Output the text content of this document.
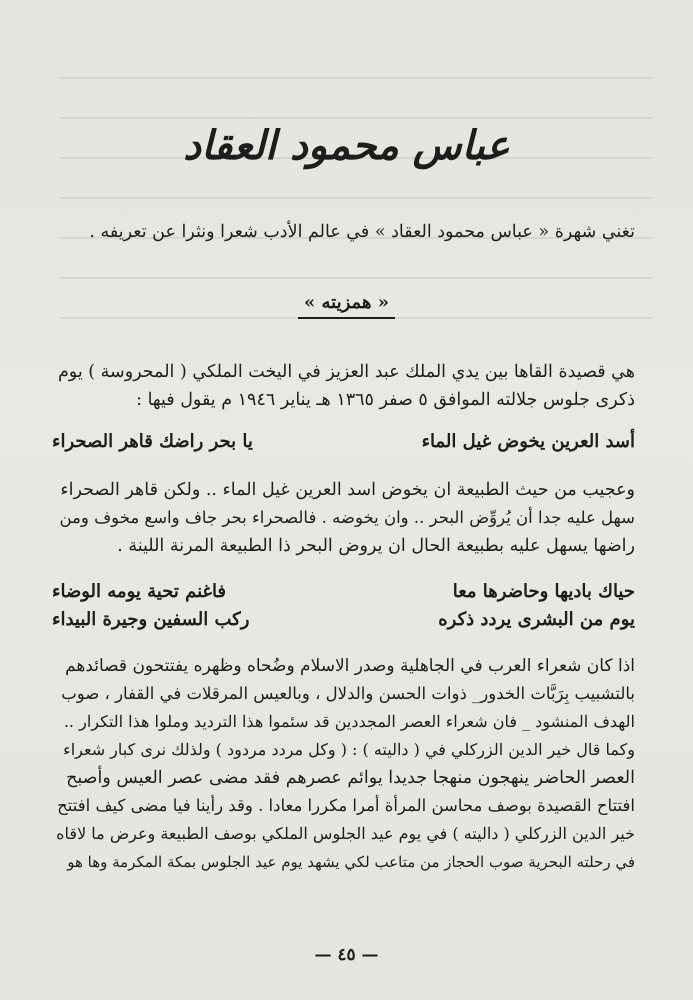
عباس محمود العقاد
تغني شهرة « عباس محمود العقاد » في عالم الأدب شعرا ونثرا عن تعريفه .
« همزيته »
هي قصيدة القاها بين يدي الملك عبد العزيز في اليخت الملكي ( المحروسة ) يوم
ذكرى جلوس جلالته الموافق ٥ صفر ١٣٦٥ هـ يناير ١٩٤٦ م يقول فيها :
أسد العرين يخوض غيل الماء
يا بحر راضك قاهر الصحراء
وعجيب من حيث الطبيعة ان يخوض اسد العرين غيل الماء .. ولكن قاهر الصحراء
سهل عليه جدا أن يُروِّض البحر .. وان يخوضه . فالصحراء بحر جاف واسع مخوف ومن
راضها يسهل عليه بطبيعة الحال ان يروض البحر ذا الطبيعة المرنة اللينة .
حياك باديها وحاضرها معا
فاغنم تحية يومه الوضاء
يوم من البشرى يردد ذكره
ركب السفين وجيرة البيداء
اذا كان شعراء العرب في الجاهلية وصدر الاسلام وضُحاه وظهره يفتتحون قصائدهم
بالتشبيب بِرَبَّات الخدور_ ذوات الحسن والدلال ، وبالعيس المرقلات في القفار ، صوب
الهدف المنشود _ فان شعراء العصر المجددين قد سئموا هذا الترديد وملوا هذا التكرار ..
وكما قال خير الدين الزركلي في ( داليته ) : ( وكل مردد مردود ) ولذلك نرى كبار شعراء
العصر الحاضر ينهجون منهجا جديدا يوائم عصرهم فقد مضى عصر العيس وأصبح
افتتاح القصيدة بوصف محاسن المرأة أمرا مكررا معادا . وقد رأينا فيا مضى كيف افتتح
خير الدين الزركلي ( داليته ) في يوم عيد الجلوس الملكي بوصف الطبيعة وعرض ما لاقاه
في رحلته البحرية صوب الحجاز من متاعب لكي يشهد يوم عيد الجلوس بمكة المكرمة وها هو
— ٤٥ —
